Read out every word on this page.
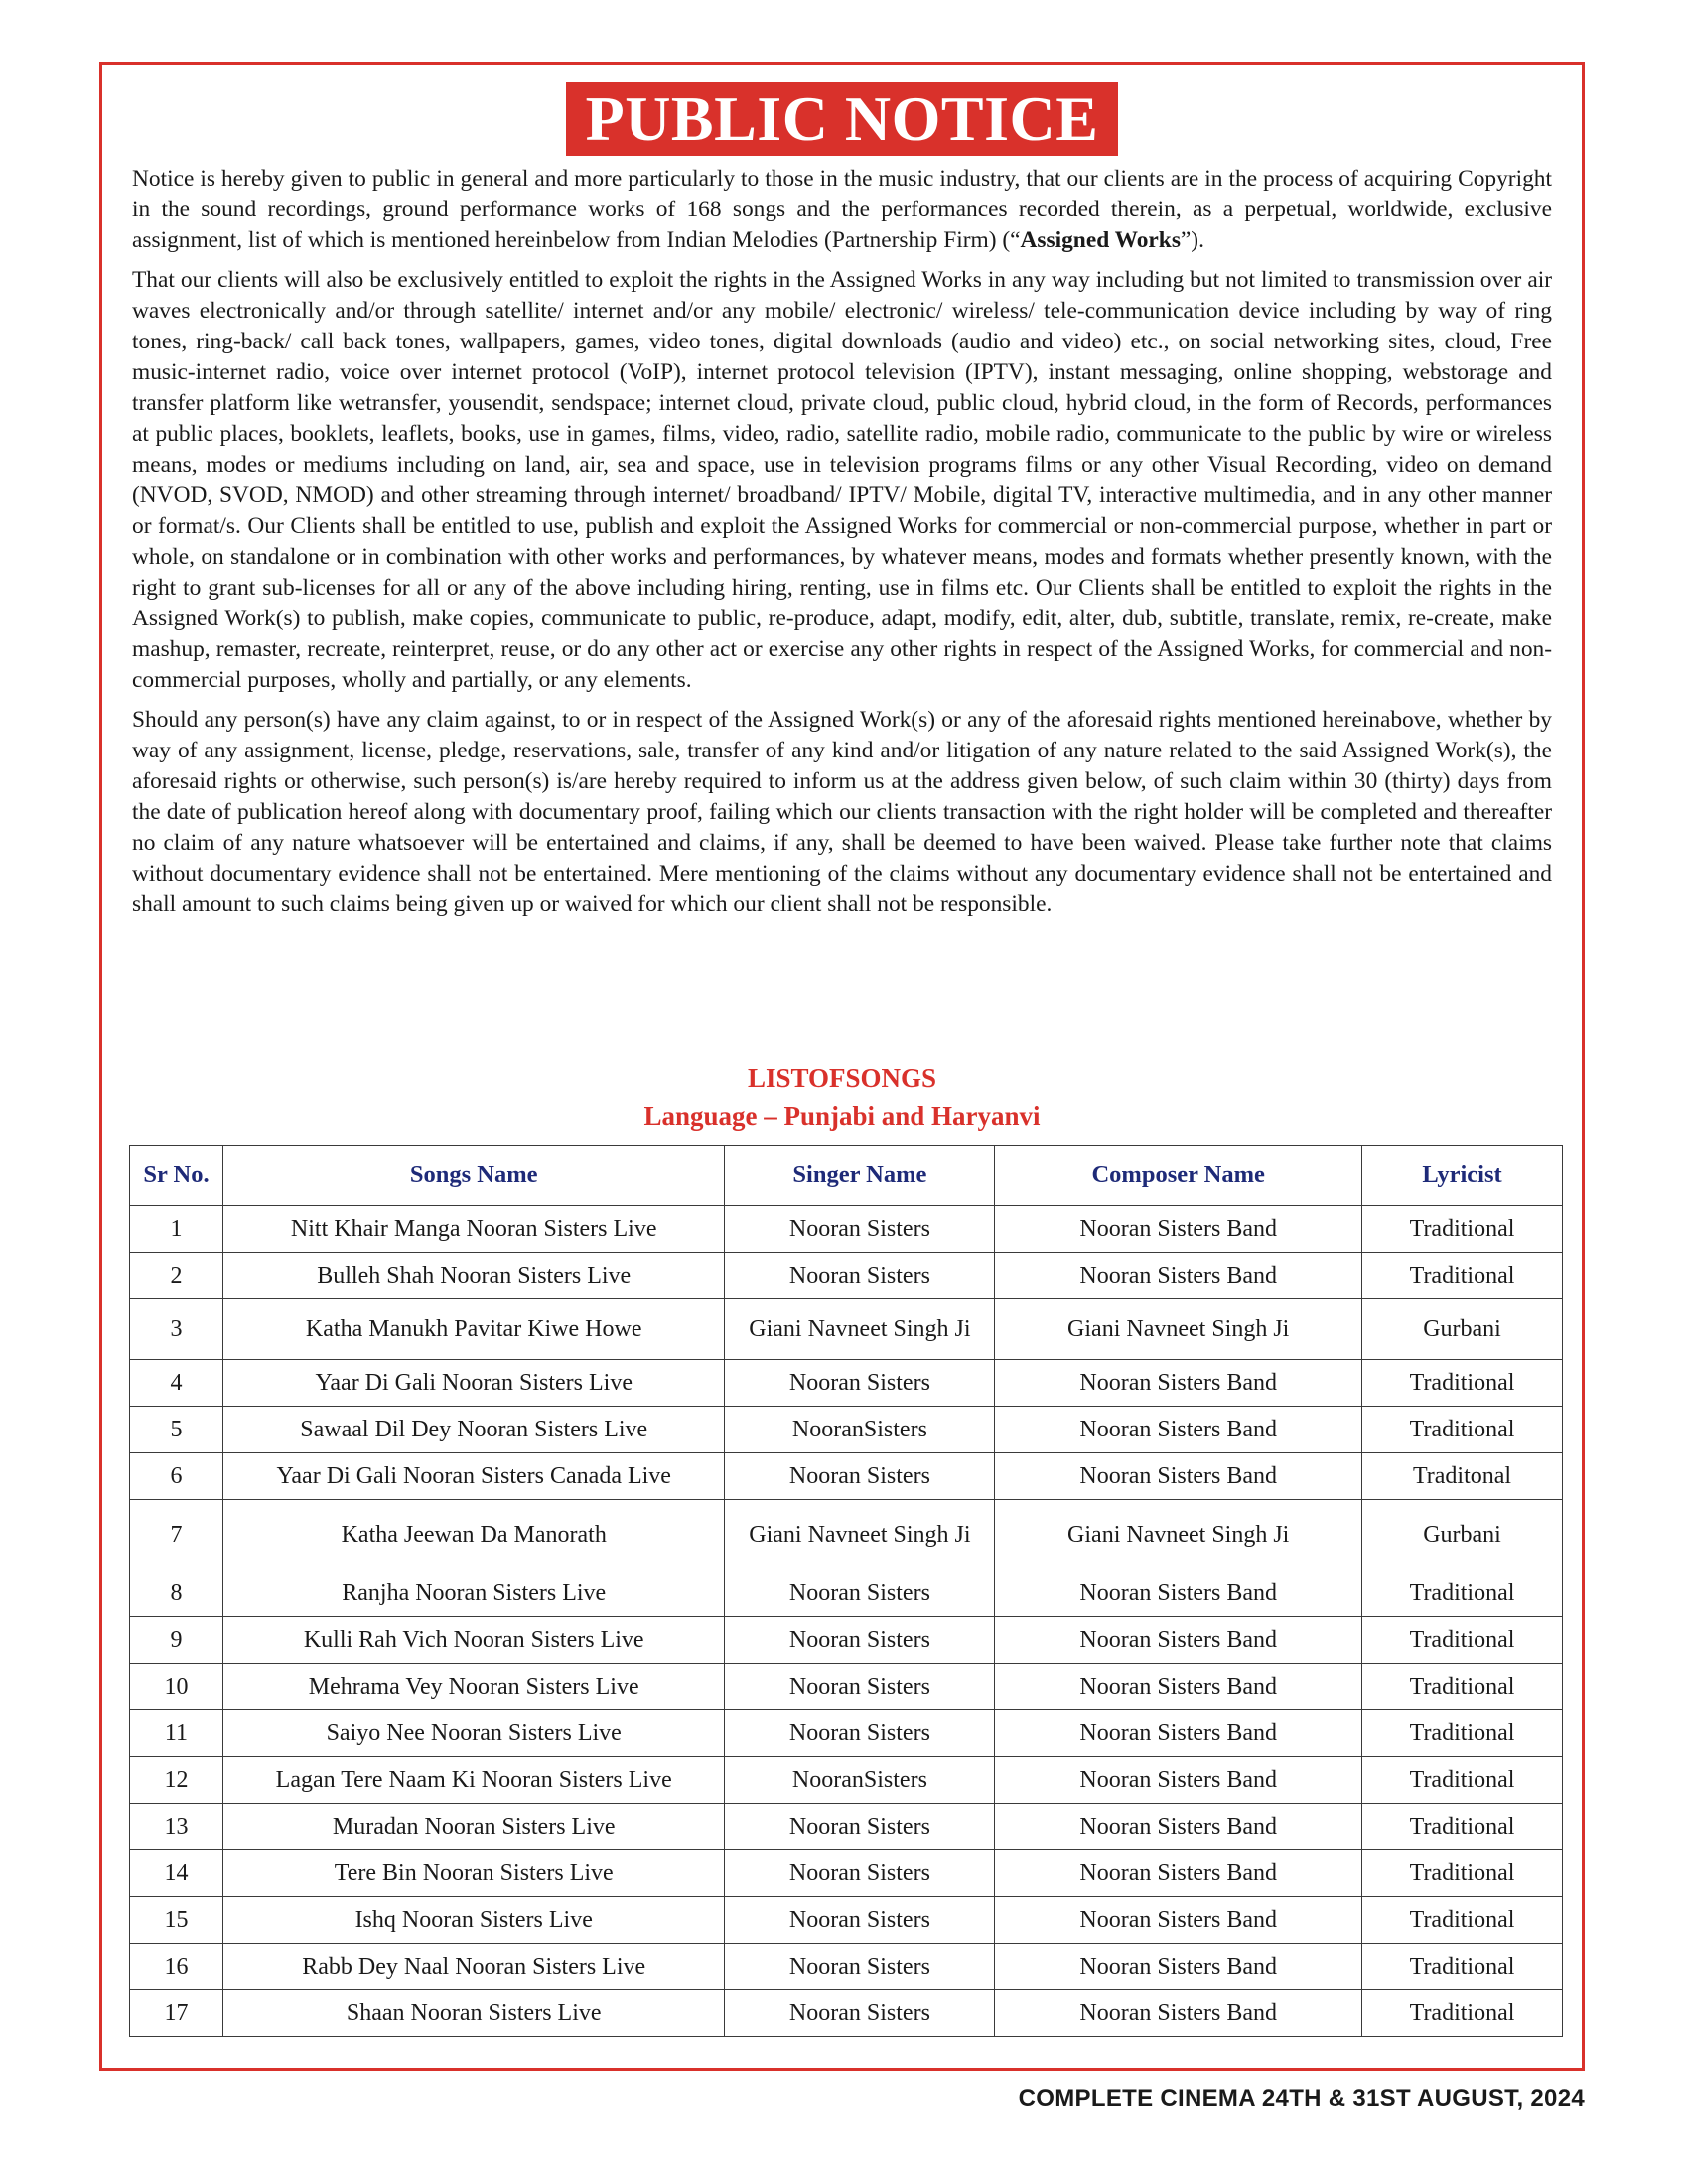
PUBLIC NOTICE

Notice is hereby given to public in general and more particularly to those in the music industry, that our clients are in the process of acquiring Copyright in the sound recordings, ground performance works of 168 songs and the performances recorded therein, as a perpetual, worldwide, exclusive assignment, list of which is mentioned hereinbelow from Indian Melodies (Partnership Firm) (“Assigned Works”).

That our clients will also be exclusively entitled to exploit the rights in the Assigned Works in any way including but not limited to transmission over air waves electronically and/or through satellite/ internet and/or any mobile/ electronic/ wireless/ tele-communication device including by way of ring tones, ring-back/ call back tones, wallpapers, games, video tones, digital downloads (audio and video) etc., on social networking sites, cloud, Free music-internet radio, voice over internet protocol (VoIP), internet protocol television (IPTV), instant messaging, online shopping, webstorage and transfer platform like wetransfer, yousendit, sendspace; internet cloud, private cloud, public cloud, hybrid cloud, in the form of Records, performances at public places, booklets, leaflets, books, use in games, films, video, radio, satellite radio, mobile radio, communicate to the public by wire or wireless means, modes or mediums including on land, air, sea and space, use in television programs films or any other Visual Recording, video on demand (NVOD, SVOD, NMOD) and other streaming through internet/ broadband/ IPTV/ Mobile, digital TV, interactive multimedia, and in any other manner or format/s. Our Clients shall be entitled to use, publish and exploit the Assigned Works for commercial or non-commercial purpose, whether in part or whole, on standalone or in combination with other works and performances, by whatever means, modes and formats whether presently known, with the right to grant sub-licenses for all or any of the above including hiring, renting, use in films etc. Our Clients shall be entitled to exploit the rights in the Assigned Work(s) to publish, make copies, communicate to public, re-produce, adapt, modify, edit, alter, dub, subtitle, translate, remix, re-create, make mashup, remaster, recreate, reinterpret, reuse, or do any other act or exercise any other rights in respect of the Assigned Works, for commercial and non-commercial purposes, wholly and partially, or any elements.

Should any person(s) have any claim against, to or in respect of the Assigned Work(s) or any of the aforesaid rights mentioned hereinabove, whether by way of any assignment, license, pledge, reservations, sale, transfer of any kind and/or litigation of any nature related to the said Assigned Work(s), the aforesaid rights or otherwise, such person(s) is/are hereby required to inform us at the address given below, of such claim within 30 (thirty) days from the date of publication hereof along with documentary proof, failing which our clients transaction with the right holder will be completed and thereafter no claim of any nature whatsoever will be entertained and claims, if any, shall be deemed to have been waived. Please take further note that claims without documentary evidence shall not be entertained. Mere mentioning of the claims without any documentary evidence shall not be entertained and shall amount to such claims being given up or waived for which our client shall not be responsible.

LISTOFSONGS
Language – Punjabi and Haryanvi
Sr No.	Songs Name	Singer Name	Composer Name	Lyricist
1	Nitt Khair Manga Nooran Sisters Live	Nooran Sisters	Nooran Sisters Band	Traditional
2	Bulleh Shah Nooran Sisters Live	Nooran Sisters	Nooran Sisters Band	Traditional
3	Katha Manukh Pavitar Kiwe Howe	Giani Navneet Singh Ji	Giani Navneet Singh Ji	Gurbani
4	Yaar Di Gali Nooran Sisters Live	Nooran Sisters	Nooran Sisters Band	Traditional
5	Sawaal Dil Dey Nooran Sisters Live	NooranSisters	Nooran Sisters Band	Traditional
6	Yaar Di Gali Nooran Sisters Canada Live	Nooran Sisters	Nooran Sisters Band	Traditonal
7	Katha Jeewan Da Manorath	Giani Navneet Singh Ji	Giani Navneet Singh Ji	Gurbani
8	Ranjha Nooran Sisters Live	Nooran Sisters	Nooran Sisters Band	Traditional
9	Kulli Rah Vich Nooran Sisters Live	Nooran Sisters	Nooran Sisters Band	Traditional
10	Mehrama Vey Nooran Sisters Live	Nooran Sisters	Nooran Sisters Band	Traditional
11	Saiyo Nee Nooran Sisters Live	Nooran Sisters	Nooran Sisters Band	Traditional
12	Lagan Tere Naam Ki Nooran Sisters Live	NooranSisters	Nooran Sisters Band	Traditional
13	Muradan Nooran Sisters Live	Nooran Sisters	Nooran Sisters Band	Traditional
14	Tere Bin Nooran Sisters Live	Nooran Sisters	Nooran Sisters Band	Traditional
15	Ishq Nooran Sisters Live	Nooran Sisters	Nooran Sisters Band	Traditional
16	Rabb Dey Naal Nooran Sisters Live	Nooran Sisters	Nooran Sisters Band	Traditional
17	Shaan Nooran Sisters Live	Nooran Sisters	Nooran Sisters Band	Traditional
COMPLETE CINEMA 24TH & 31ST AUGUST, 2024
